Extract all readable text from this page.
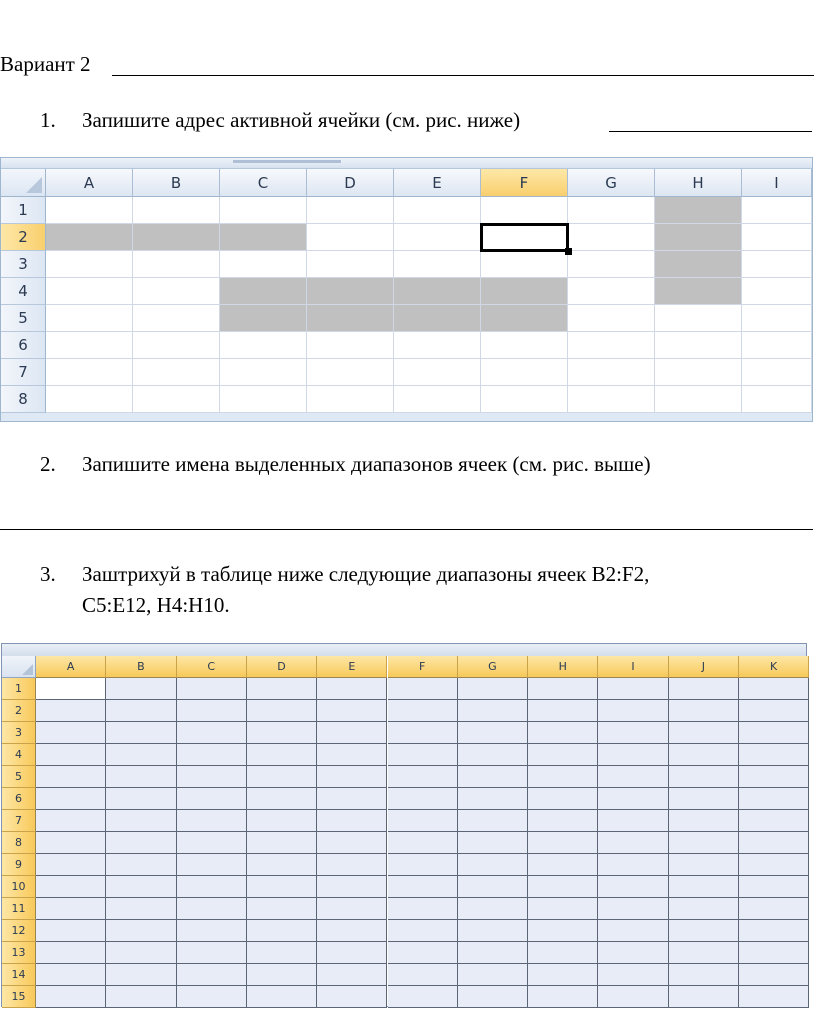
Вариант 2
1. Запишите адрес активной ячейки (см. рис. ниже)
A	B	C	D	E	F	G	H	I
1
2
3
4
5
6
7
8
2. Запишите имена выделенных диапазонов ячеек (см. рис. выше)
3. Заштрихуй в таблице ниже следующие диапазоны ячеек B2:F2,
C5:E12, H4:H10.
A	B	C	D	E	F	G	H	I	J	K
1
2
3
4
5
6
7
8
9
10
11
12
13
14
15
